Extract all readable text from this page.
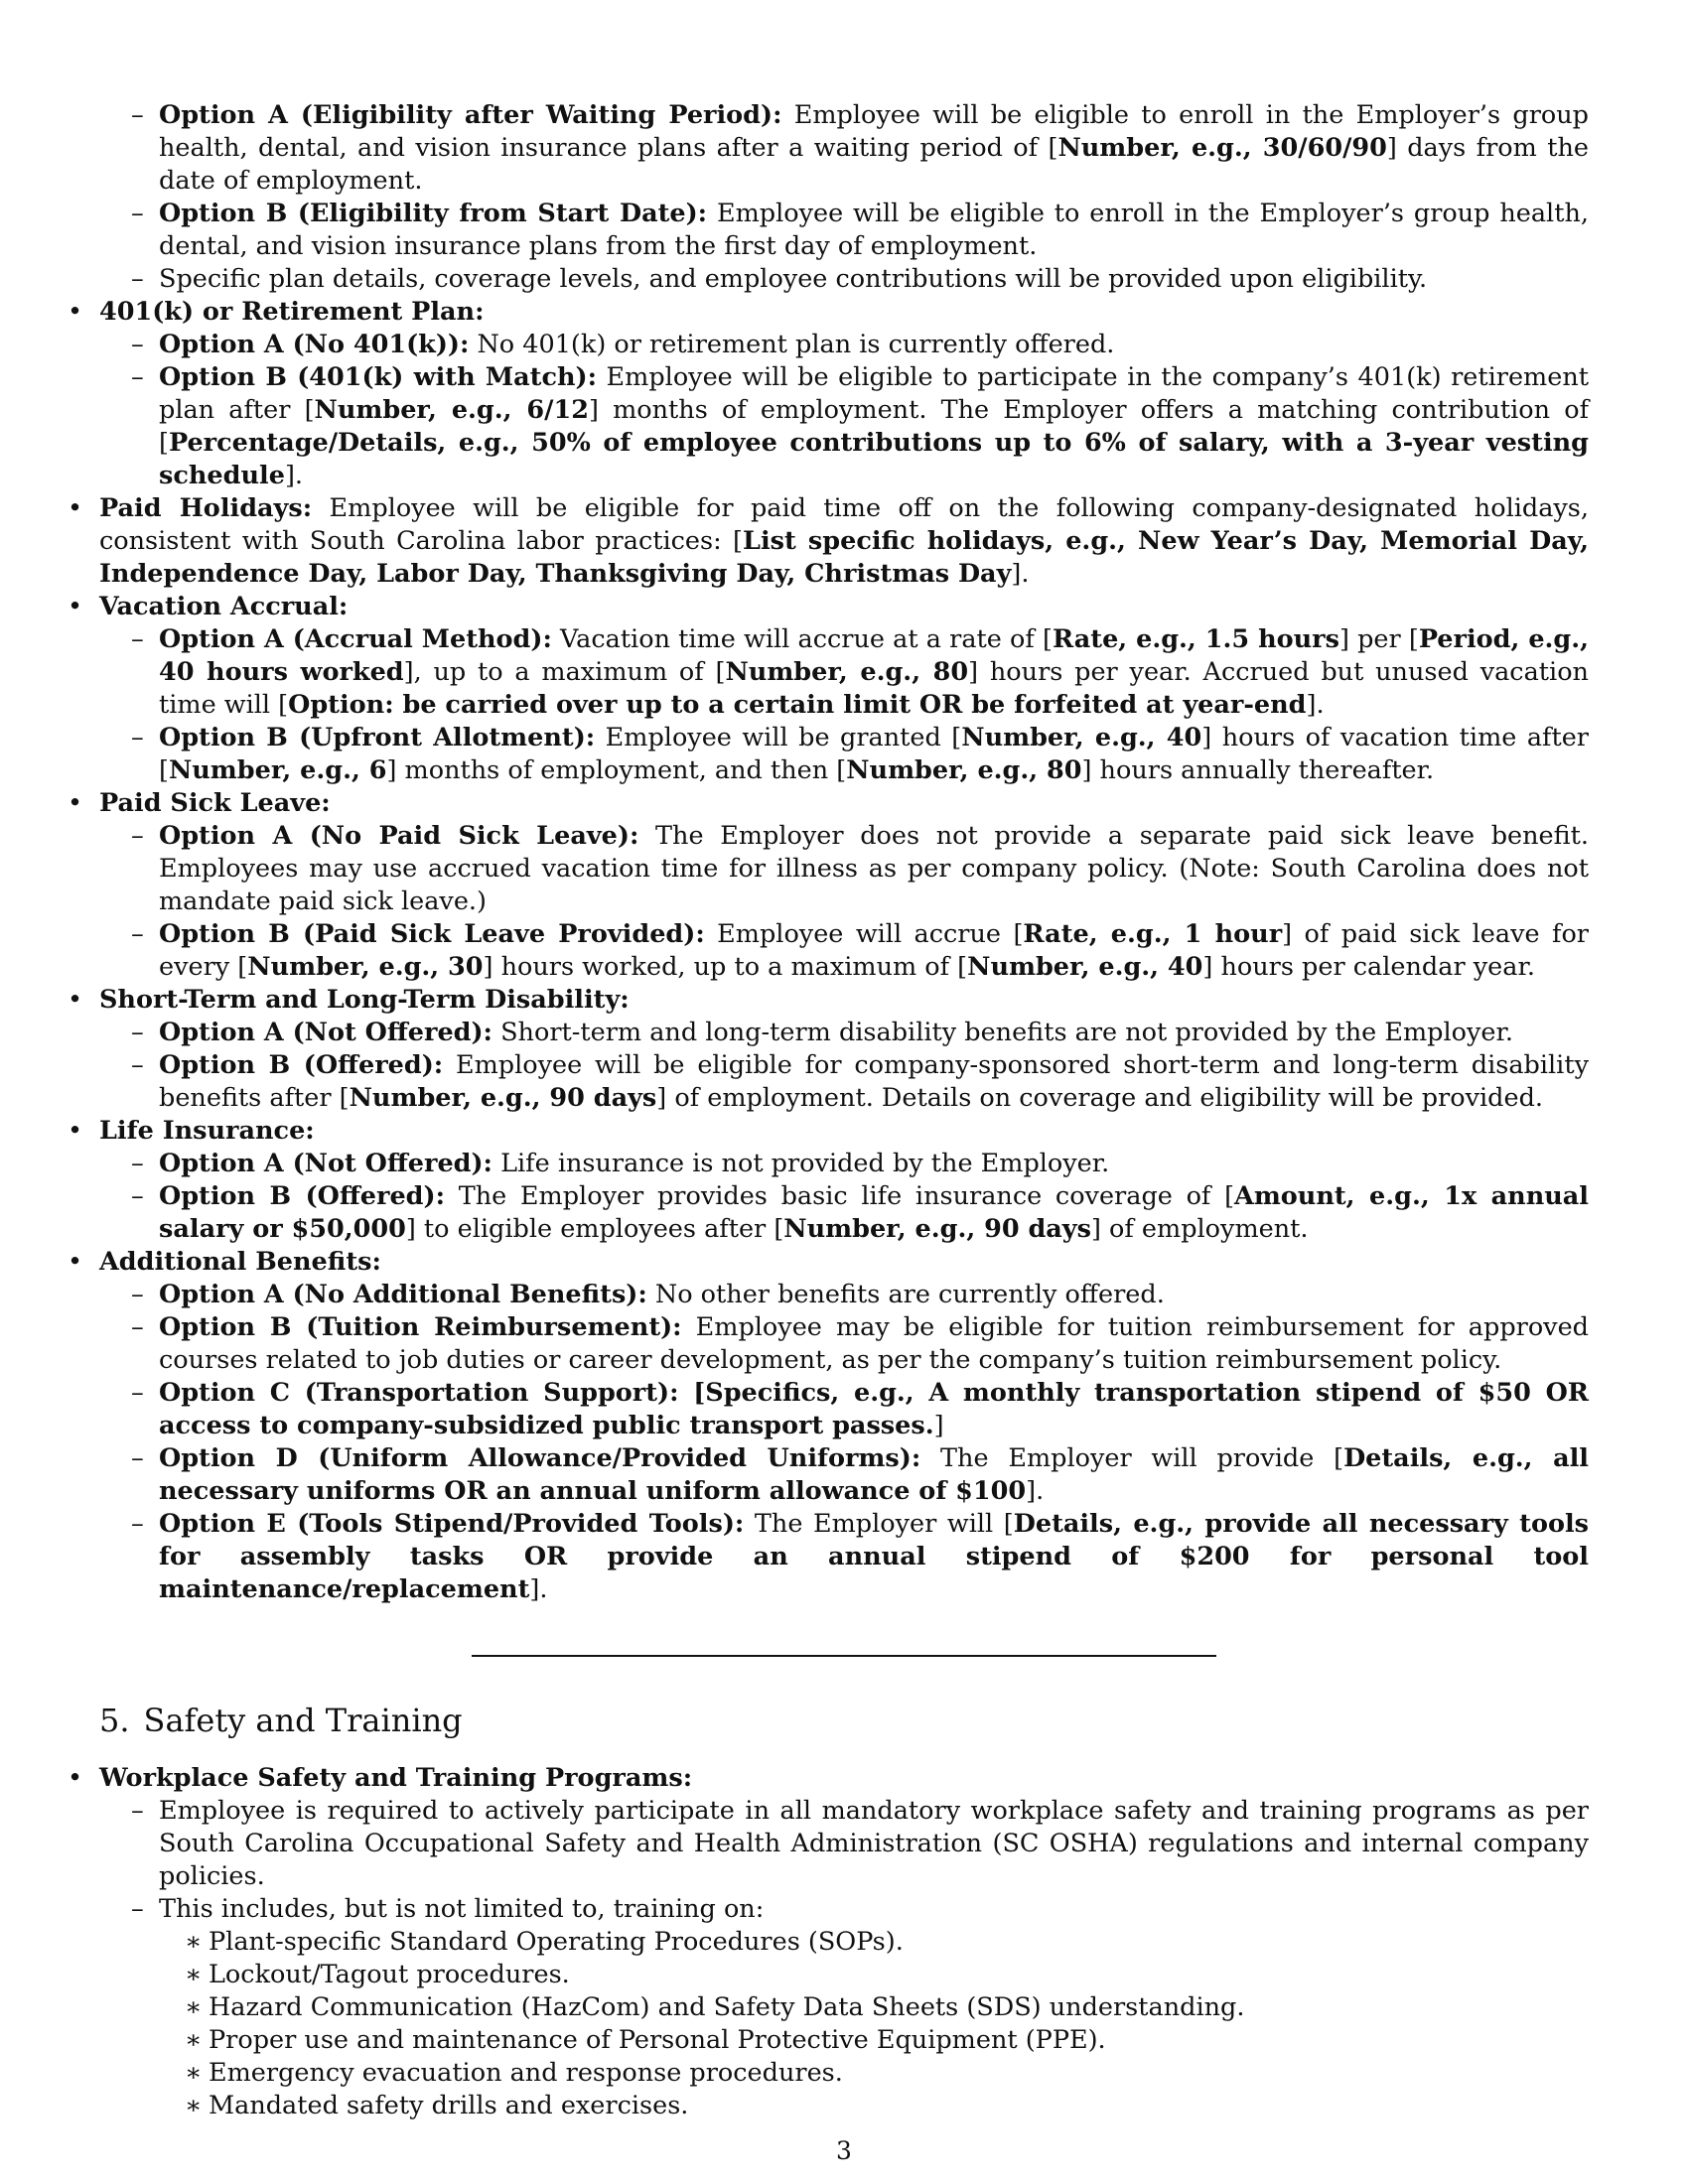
– Option A (Eligibility after Waiting Period): Employee will be eligible to enroll in the Employer’s group health, dental, and vision insurance plans after a waiting period of [Number, e.g., 30/60/90] days from the date of employment.
– Option B (Eligibility from Start Date): Employee will be eligible to enroll in the Employer’s group health, dental, and vision insurance plans from the first day of employment.
– Specific plan details, coverage levels, and employee contributions will be provided upon eligibility.
• 401(k) or Retirement Plan:
– Option A (No 401(k)): No 401(k) or retirement plan is currently offered.
– Option B (401(k) with Match): Employee will be eligible to participate in the company’s 401(k) retirement plan after [Number, e.g., 6/12] months of employment. The Employer offers a matching contribution of [Percentage/Details, e.g., 50% of employee contributions up to 6% of salary, with a 3-year vesting schedule].
• Paid Holidays: Employee will be eligible for paid time off on the following company-designated holidays, consistent with South Carolina labor practices: [List specific holidays, e.g., New Year’s Day, Memorial Day, Independence Day, Labor Day, Thanksgiving Day, Christmas Day].
• Vacation Accrual:
– Option A (Accrual Method): Vacation time will accrue at a rate of [Rate, e.g., 1.5 hours] per [Period, e.g., 40 hours worked], up to a maximum of [Number, e.g., 80] hours per year. Accrued but unused vacation time will [Option: be carried over up to a certain limit OR be forfeited at year-end].
– Option B (Upfront Allotment): Employee will be granted [Number, e.g., 40] hours of vacation time after [Number, e.g., 6] months of employment, and then [Number, e.g., 80] hours annually thereafter.
• Paid Sick Leave:
– Option A (No Paid Sick Leave): The Employer does not provide a separate paid sick leave benefit. Employees may use accrued vacation time for illness as per company policy. (Note: South Carolina does not mandate paid sick leave.)
– Option B (Paid Sick Leave Provided): Employee will accrue [Rate, e.g., 1 hour] of paid sick leave for every [Number, e.g., 30] hours worked, up to a maximum of [Number, e.g., 40] hours per calendar year.
• Short-Term and Long-Term Disability:
– Option A (Not Offered): Short-term and long-term disability benefits are not provided by the Employer.
– Option B (Offered): Employee will be eligible for company-sponsored short-term and long-term disability benefits after [Number, e.g., 90 days] of employment. Details on coverage and eligibility will be provided.
• Life Insurance:
– Option A (Not Offered): Life insurance is not provided by the Employer.
– Option B (Offered): The Employer provides basic life insurance coverage of [Amount, e.g., 1x annual salary or $50,000] to eligible employees after [Number, e.g., 90 days] of employment.
• Additional Benefits:
– Option A (No Additional Benefits): No other benefits are currently offered.
– Option B (Tuition Reimbursement): Employee may be eligible for tuition reimbursement for approved courses related to job duties or career development, as per the company’s tuition reimbursement policy.
– Option C (Transportation Support): [Specifics, e.g., A monthly transportation stipend of $50 OR access to company-subsidized public transport passes.]
– Option D (Uniform Allowance/Provided Uniforms): The Employer will provide [Details, e.g., all necessary uniforms OR an annual uniform allowance of $100].
– Option E (Tools Stipend/Provided Tools): The Employer will [Details, e.g., provide all necessary tools for assembly tasks OR provide an annual stipend of $200 for personal tool maintenance/replacement].
5. Safety and Training
• Workplace Safety and Training Programs:
– Employee is required to actively participate in all mandatory workplace safety and training programs as per South Carolina Occupational Safety and Health Administration (SC OSHA) regulations and internal company policies.
– This includes, but is not limited to, training on:
∗ Plant-specific Standard Operating Procedures (SOPs).
∗ Lockout/Tagout procedures.
∗ Hazard Communication (HazCom) and Safety Data Sheets (SDS) understanding.
∗ Proper use and maintenance of Personal Protective Equipment (PPE).
∗ Emergency evacuation and response procedures.
∗ Mandated safety drills and exercises.
3
